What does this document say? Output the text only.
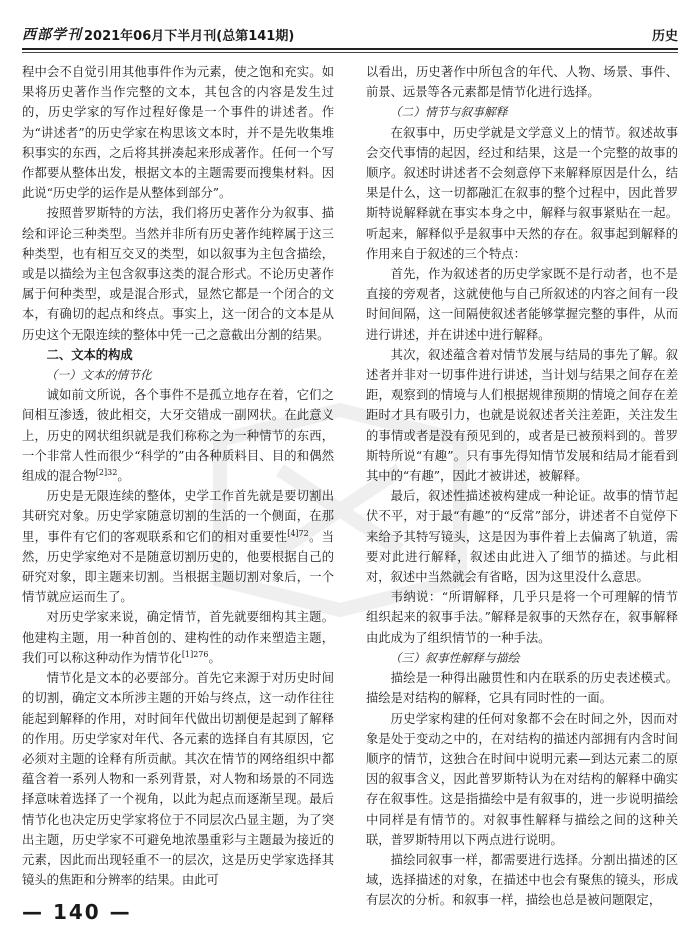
西部学刊 2021年06月下半月刊(总第141期)	历史

程中会不自觉引用其他事件作为元素，使之饱和充实。如果将历史著作当作完整的文本，其包含的内容是发生过的，历史学家的写作过程好像是一个事件的讲述者。作为“讲述者”的历史学家在构思该文本时，并不是先收集堆积事实的东西，之后将其拼凑起来形成著作。任何一个写作都要从整体出发，根据文本的主题需要而搜集材料。因此说“历史学的运作是从整体到部分”。

按照普罗斯特的方法，我们将历史著作分为叙事、描绘和评论三种类型。当然并非所有历史著作纯粹属于这三种类型，也有相互交叉的类型，如以叙事为主包含描绘，或是以描绘为主包含叙事这类的混合形式。不论历史著作属于何种类型，或是混合形式，显然它都是一个闭合的文本，有确切的起点和终点。事实上，这一闭合的文本是从历史这个无限连续的整体中凭一己之意截出分割的结果。

二、文本的构成
（一）文本的情节化

诚如前文所说，各个事件不是孤立地存在着，它们之间相互渗透，彼此相交，大牙交错成一副网状。在此意义上，历史的网状组织就是我们称称之为一种情节的东西，一个非常人性而很少“科学的”由各种质料目、目的和偶然组成的混合物$^{[2]32}$。

历史是无限连续的整体，史学工作首先就是要切割出其研究对象。历史学家随意切割的生活的一个侧面，在那里，事件有它们的客观联系和它们的相对重要性$^{[4]72}$。当然，历史学家绝对不是随意切割历史的，他要根据自己的研究对象，即主题来切割。当根据主题切割对象后，一个情节就应运而生了。

对历史学家来说，确定情节，首先就要细构其主题。他建构主题，用一种首创的、建构性的动作来塑造主题，我们可以称这种动作为情节化$^{[1]276}$。

情节化是文本的必要部分。首先它来源于对历史时间的切割，确定文本所涉主题的开始与终点，这一动作往往能起到解释的作用，对时间年代做出切割便是起到了解释的作用。历史学家对年代、各元素的选择自有其原因，它必须对主题的诠释有所贡献。其次在情节的网络组织中都蕴含着一系列人物和一系列背景，对人物和场景的不同选择意味着选择了一个视角，以此为起点而逐渐呈现。最后情节化也决定历史学家将位于不同层次凸显主题，为了突出主题，历史学家不可避免地浓墨重彩与主题最为接近的元素，因此而出现轻重不一的层次，这是历史学家选择其镜头的焦距和分辨率的结果。由此可

以看出，历史著作中所包含的年代、人物、场景、事件、前景、远景等各元素都是情节化进行选择。

（二）情节与叙事解释

在叙事中，历史学就是文学意义上的情节。叙述故事会交代事情的起因，经过和结果，这是一个完整的故事的顺序。叙述时讲述者不会刻意停下来解释原因是什么，结果是什么，这一切都融汇在叙事的整个过程中，因此普罗斯特说解释就在事实本身之中，解释与叙事紧贴在一起。听起来，解释似乎是叙事中天然的存在。叙事起到解释的作用来自于叙述的三个特点：

首先，作为叙述者的历史学家既不是行动者，也不是直接的旁观者，这就使他与自己所叙述的内容之间有一段时间间隔，这一间隔使叙述者能够掌握完整的事件，从而进行讲述，并在讲述中进行解释。

其次，叙述蕴含着对情节发展与结局的事先了解。叙述者并非对一切事件进行讲述，当计划与结果之间存在差距，观察到的情境与人们根据规律预期的情境之间存在差距时才具有吸引力，也就是说叙述者关注差距，关注发生的事情或者是没有预见到的，或者是已被预料到的。普罗斯特所说“有趣”。只有事先得知情节发展和结局才能看到其中的“有趣”，因此才被讲述，被解释。

最后，叙述性描述被构建成一种论证。故事的情节起伏不平，对于最“有趣”的“反常”部分，讲述者不自觉停下来给予其特写镜头，这是因为事件着上去偏离了轨道，需要对此进行解释，叙述由此进入了细节的描述。与此相对，叙述中当然就会有省略，因为这里没什么意思。

韦纳说：“所谓解释，几乎只是将一个可理解的情节组织起来的叙事手法。”解释是叙事的天然存在，叙事解释由此成为了组织情节的一种手法。

（三）叙事性解释与描绘

描绘是一种得出融贯性和内在联系的历史表述模式。描绘是对结构的解释，它具有同时性的一面。

历史学家构建的任何对象都不会在时间之外，因而对象是处于变动之中的，在对结构的描述内部拥有内含时间顺序的情节，这独合在时间中说明元素—到达元素二的原因的叙事含义，因此普罗斯特认为在对结构的解释中确实存在叙事性。这是指描绘中是有叙事的，进一步说明描绘中同样是有情节的。对叙事性解释与描绘之间的这种关联，普罗斯特用以下两点进行说明。

描绘同叙事一样，都需要进行选择。分割出描述的区域，选择描述的对象，在描述中也会有聚焦的镜头，形成有层次的分析。和叙事一样，描绘也总是被问题限定，

— 140 —
